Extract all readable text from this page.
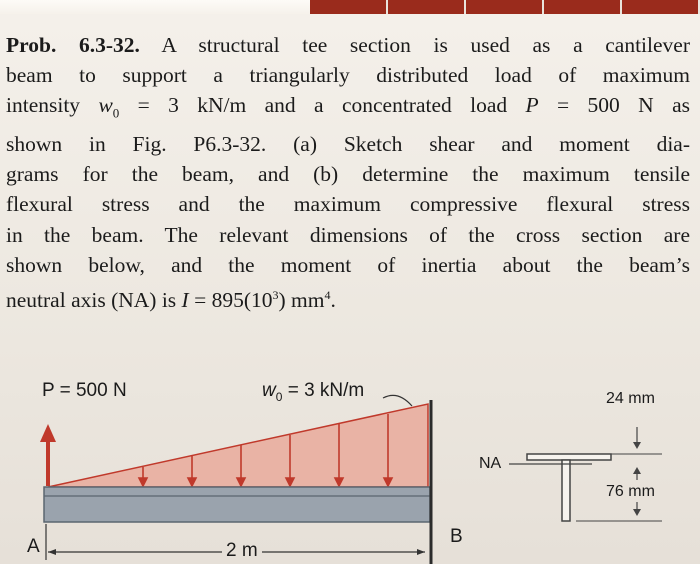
Prob. 6.3-32. A structural tee section is used as a cantilever
beam to support a triangularly distributed load of maximum
intensity $w_0 = 3$ kN/m and a concentrated load P = 500 N as
shown in Fig. P6.3-32. (a) Sketch shear and moment dia-
grams for the beam, and (b) determine the maximum tensile
flexural stress and the maximum compressive flexural stress
in the beam. The relevant dimensions of the cross section are
shown below, and the moment of inertia about the beam’s
neutral axis (NA) is $I = 895(10^3)$ $mm^4$.
P = 500 N	$w_0 = 3$ kN/m
A	B
2 m
NA
24 mm
76 mm
